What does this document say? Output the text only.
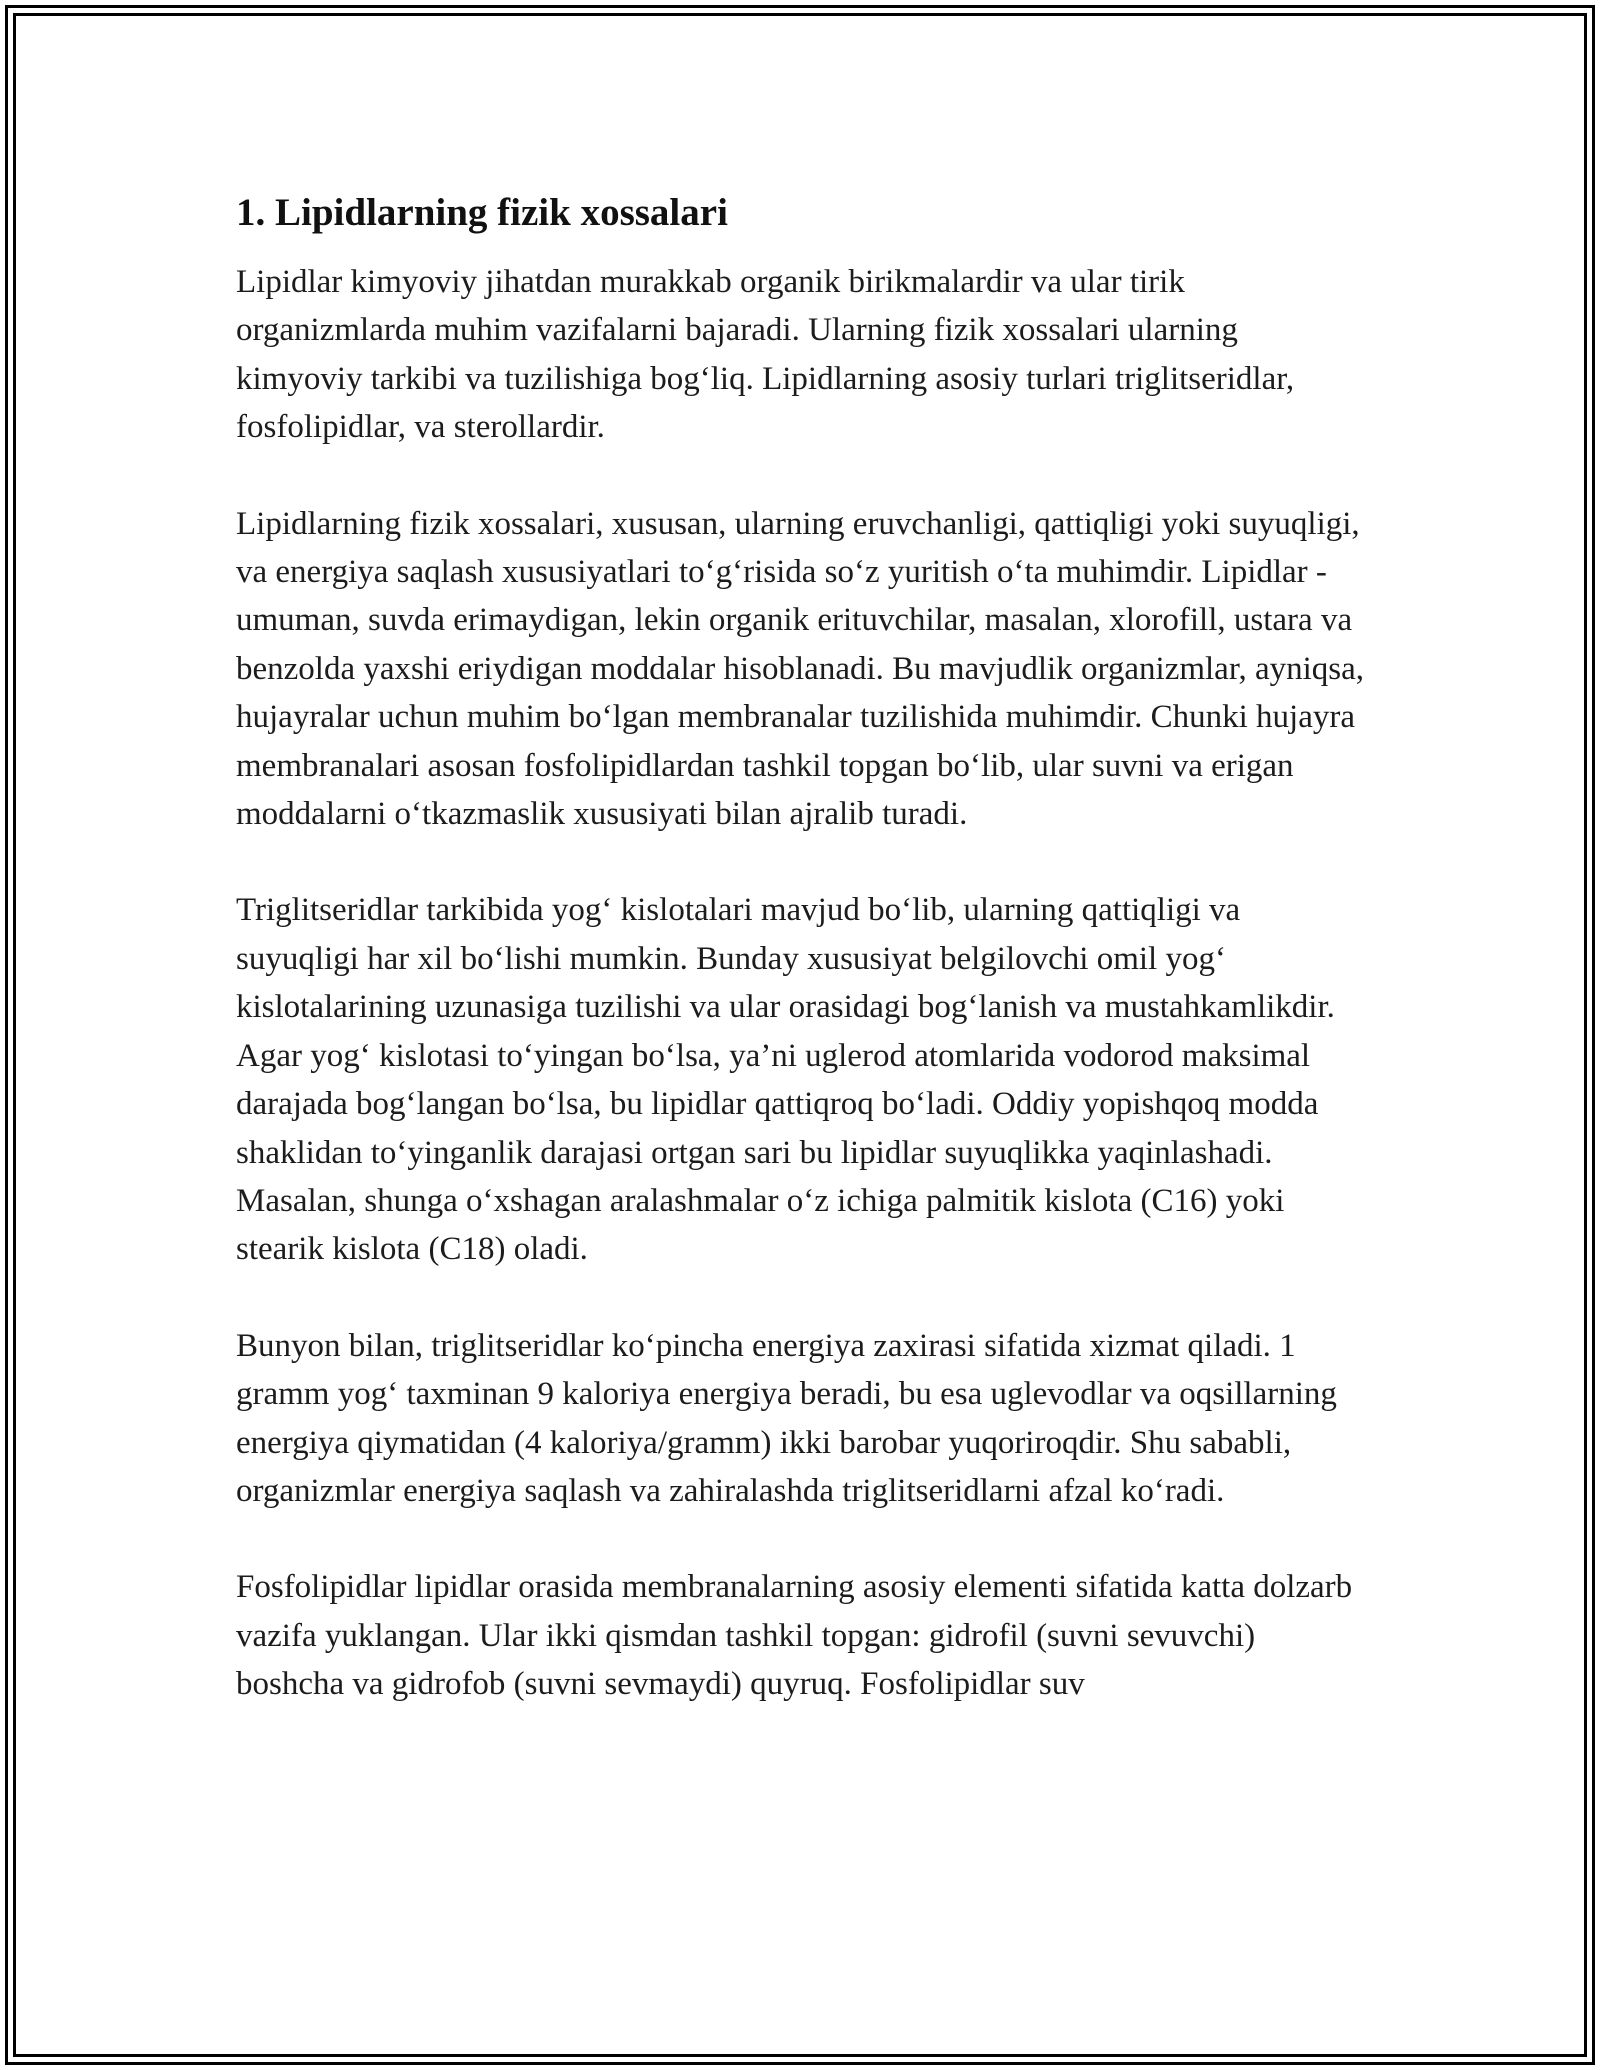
1. Lipidlarning fizik xossalari

Lipidlar kimyoviy jihatdan murakkab organik birikmalardir va ular tirik organizmlarda muhim vazifalarni bajaradi. Ularning fizik xossalari ularning kimyoviy tarkibi va tuzilishiga bog‘liq. Lipidlarning asosiy turlari triglitseridlar, fosfolipidlar, va sterollardir.

Lipidlarning fizik xossalari, xususan, ularning eruvchanligi, qattiqligi yoki suyuqligi, va energiya saqlash xususiyatlari to‘g‘risida so‘z yuritish o‘ta muhimdir. Lipidlar - umuman, suvda erimaydigan, lekin organik erituvchilar, masalan, xlorofill, ustara va benzolda yaxshi eriydigan moddalar hisoblanadi. Bu mavjudlik organizmlar, ayniqsa, hujayralar uchun muhim bo‘lgan membranalar tuzilishida muhimdir. Chunki hujayra membranalari asosan fosfolipidlardan tashkil topgan bo‘lib, ular suvni va erigan moddalarni o‘tkazmaslik xususiyati bilan ajralib turadi.

Triglitseridlar tarkibida yog‘ kislotalari mavjud bo‘lib, ularning qattiqligi va suyuqligi har xil bo‘lishi mumkin. Bunday xususiyat belgilovchi omil yog‘ kislotalarining uzunasiga tuzilishi va ular orasidagi bog‘lanish va mustahkamlikdir. Agar yog‘ kislotasi to‘yingan bo‘lsa, ya’ni uglerod atomlarida vodorod maksimal darajada bog‘langan bo‘lsa, bu lipidlar qattiqroq bo‘ladi. Oddiy yopishqoq modda shaklidan to‘yinganlik darajasi ortgan sari bu lipidlar suyuqlikka yaqinlashadi. Masalan, shunga o‘xshagan aralashmalar o‘z ichiga palmitik kislota (C16) yoki stearik kislota (C18) oladi.

Bunyon bilan, triglitseridlar ko‘pincha energiya zaxirasi sifatida xizmat qiladi. 1 gramm yog‘ taxminan 9 kaloriya energiya beradi, bu esa uglevodlar va oqsillarning energiya qiymatidan (4 kaloriya/gramm) ikki barobar yuqoriroqdir. Shu sababli, organizmlar energiya saqlash va zahiralashda triglitseridlarni afzal ko‘radi.

Fosfolipidlar lipidlar orasida membranalarning asosiy elementi sifatida katta dolzarb vazifa yuklangan. Ular ikki qismdan tashkil topgan: gidrofil (suvni sevuvchi) boshcha va gidrofob (suvni sevmaydi) quyruq. Fosfolipidlar suv
